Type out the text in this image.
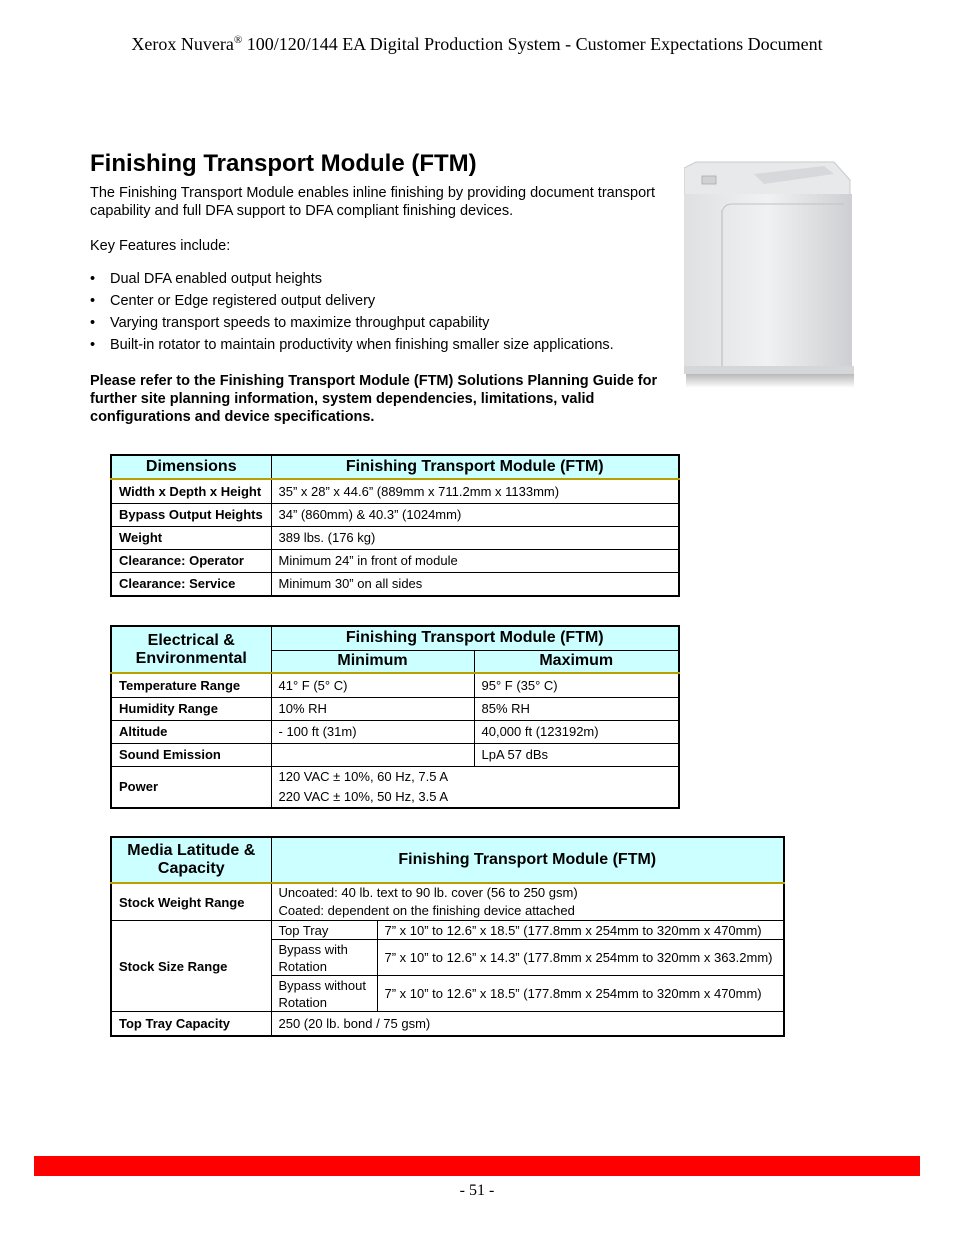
Xerox Nuvera® 100/120/144 EA Digital Production System - Customer Expectations Document
Finishing Transport Module (FTM)

The Finishing Transport Module enables inline finishing by providing document transport capability and full DFA support to DFA compliant finishing devices.

Key Features include:

• Dual DFA enabled output heights
• Center or Edge registered output delivery
• Varying transport speeds to maximize throughput capability
• Built-in rotator to maintain productivity when finishing smaller size applications.

Please refer to the Finishing Transport Module (FTM) Solutions Planning Guide for further site planning information, system dependencies, limitations, valid configurations and device specifications.

Dimensions	Finishing Transport Module (FTM)
Width x Depth x Height	35” x 28” x 44.6” (889mm x 711.2mm x 1133mm)
Bypass Output Heights	34” (860mm) & 40.3” (1024mm)
Weight	389 lbs. (176 kg)
Clearance: Operator	Minimum 24” in front of module
Clearance: Service	Minimum 30” on all sides
Electrical & Environmental	Finishing Transport Module (FTM)	
	Minimum	Maximum
Temperature Range	41° F (5° C)	95° F (35° C)
Humidity Range	10% RH	85% RH
Altitude	- 100 ft (31m)	40,000 ft (123192m)
Sound Emission		LpA 57 dBs
Power	120 VAC ± 10%, 60 Hz, 7.5 A
220 VAC ± 10%, 50 Hz, 3.5 A	
Media Latitude & Capacity	Finishing Transport Module (FTM)	
Stock Weight Range	Uncoated: 40 lb. text to 90 lb. cover (56 to 250 gsm)
Coated: dependent on the finishing device attached	

Stock Size Range	Top Tray	7” x 10” to 12.6” x 18.5” (177.8mm x 254mm to 320mm x 470mm)
	Bypass with Rotation	7” x 10” to 12.6” x 14.3” (177.8mm x 254mm to 320mm x 363.2mm)
	Bypass without Rotation	7” x 10” to 12.6” x 18.5” (177.8mm x 254mm to 320mm x 470mm)
Top Tray Capacity	250 (20 lb. bond / 75 gsm)	
- 51 -
